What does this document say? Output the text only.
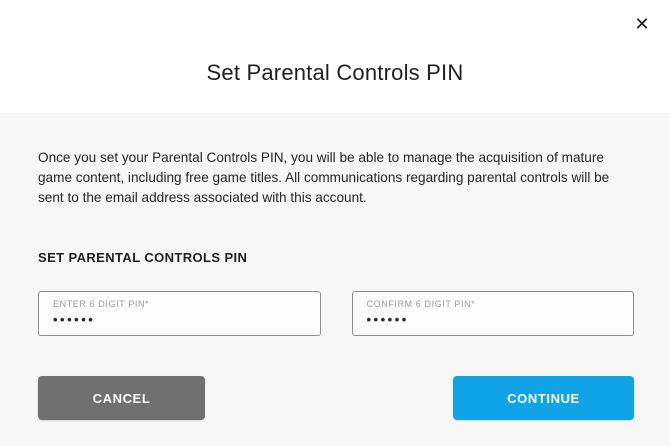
✕
Set Parental Controls PIN

Once you set your Parental Controls PIN, you will be able to manage the acquisition of mature game content, including free game titles. All communications regarding parental controls will be sent to the email address associated with this account.

SET PARENTAL CONTROLS PIN
ENTER 6 DIGIT PIN*
••••••	CONFIRM 6 DIGIT PIN*
••••••
CANCEL	CONTINUE
